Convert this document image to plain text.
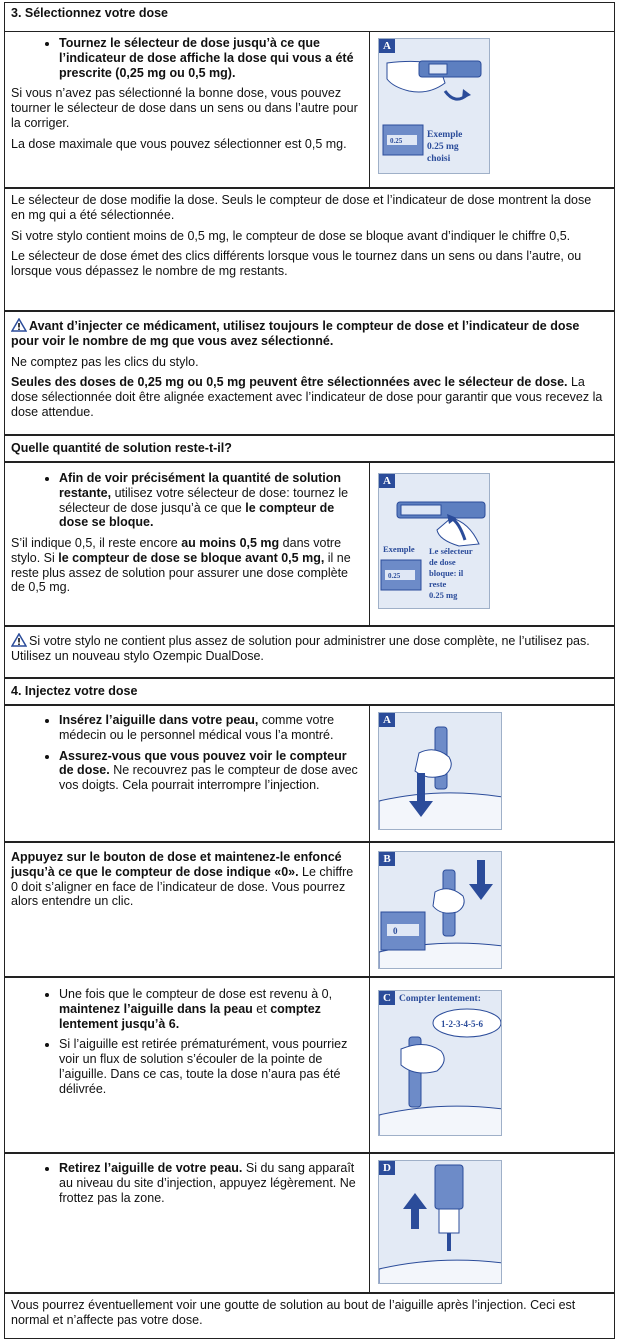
3. Sélectionnez votre dose
• Tournez le sélecteur de dose jusqu’à ce que l’indicateur de dose affiche la dose qui vous a été prescrite (0,25 mg ou 0,5 mg).

Si vous n’avez pas sélectionné la bonne dose, vous pouvez tourner le sélecteur de dose dans un sens ou dans l’autre pour la corriger.

La dose maximale que vous pouvez sélectionner est 0,5 mg.	0.25
Exemple
0.25 mg
choisi
A

Le sélecteur de dose modifie la dose. Seuls le compteur de dose et l’indicateur de dose montrent la dose en mg qui a été sélectionnée.

Si votre stylo contient moins de 0,5 mg, le compteur de dose se bloque avant d’indiquer le chiffre 0,5.

Le sélecteur de dose émet des clics différents lorsque vous le tournez dans un sens ou dans l’autre, ou lorsque vous dépassez le nombre de mg restants.

Avant d’injecter ce médicament, utilisez toujours le compteur de dose et l’indicateur de dose pour voir le nombre de mg que vous avez sélectionné.

Ne comptez pas les clics du stylo.

Seules des doses de 0,25 mg ou 0,5 mg peuvent être sélectionnées avec le sélecteur de dose. La dose sélectionnée doit être alignée exactement avec l’indicateur de dose pour garantir que vous recevez la dose attendue.

Quelle quantité de solution reste-t-il?
• Afin de voir précisément la quantité de solution restante, utilisez votre sélecteur de dose: tournez le sélecteur de dose jusqu’à ce que le compteur de dose se bloque.

S’il indique 0,5, il reste encore au moins 0,5 mg dans votre stylo. Si le compteur de dose se bloque avant 0,5 mg, il ne reste plus assez de solution pour assurer une dose complète de 0,5 mg.

0.25
Exemple Le sélecteur
de dose
bloque: il
reste
0.25 mg
A

Si votre stylo ne contient plus assez de solution pour administrer une dose complète, ne l’utilisez pas. Utilisez un nouveau stylo Ozempic DualDose.

4. Injectez votre dose
• Insérez l’aiguille dans votre peau, comme votre médecin ou le personnel médical vous l’a montré.
• Assurez-vous que vous pouvez voir le compteur de dose. Ne recouvrez pas le compteur de dose avec vos doigts. Cela pourrait interrompre l’injection.
A

Appuyez sur le bouton de dose et maintenez-le enfoncé jusqu’à ce que le compteur de dose indique «0». Le chiffre 0 doit s’aligner en face de l’indicateur de dose. Vous pourrez alors entendre un clic.

0
B
• Une fois que le compteur de dose est revenu à 0, maintenez l’aiguille dans la peau et comptez lentement jusqu’à 6.
• Si l’aiguille est retirée prématurément, vous pourriez voir un flux de solution s’écouler de la pointe de l’aiguille. Dans ce cas, toute la dose n’aura pas été délivrée.
Compter lentement:
1-2-3-4-5-6
C
• Retirez l’aiguille de votre peau. Si du sang apparaît au niveau du site d’injection, appuyez légèrement. Ne frottez pas la zone.
D

Vous pourrez éventuellement voir une goutte de solution au bout de l’aiguille après l’injection. Ceci est normal et n’affecte pas votre dose.
